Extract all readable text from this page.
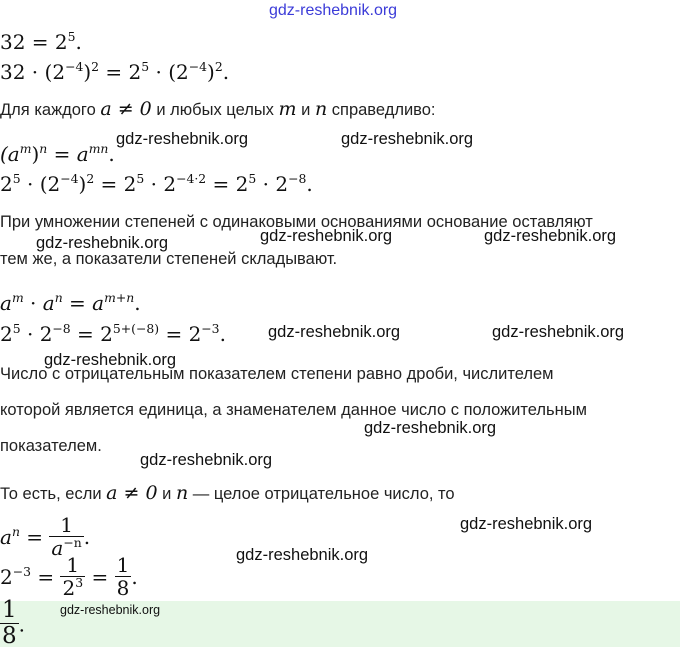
gdz-reshebnik.org
$32 = 2^5$.
$32 \cdot (2^{-4})^2 = 2^5 \cdot (2^{-4})^2$.
Для каждого a ≠ 0 и любых целых m и n справедливо:
$(a^m)^n = a^{mn}$.
gdz-reshebnik.org	gdz-reshebnik.org
$2^5 \cdot (2^{-4})^2 = 2^5 \cdot 2^{-4\cdot 2} = 2^5 \cdot 2^{-8}$.
При умножении степеней с одинаковыми основаниями основание оставляют
gdz-reshebnik.org	gdz-reshebnik.org	gdz-reshebnik.org
тем же, а показатели степеней складывают.
$a^m \cdot a^n = a^{m+n}$.
$2^5 \cdot 2^{-8} = 2^{5+(-8)} = 2^{-3}$.	gdz-reshebnik.org	gdz-reshebnik.org
gdz-reshebnik.org
Число с отрицательным показателем степени равно дроби, числителем
которой является единица, а знаменателем данное число с положительным
gdz-reshebnik.org
показателем.
gdz-reshebnik.org
То есть, если a ≠ 0 и n — целое отрицательное число, то
$a^n = \frac{1}{a^{-n}}$ .
gdz-reshebnik.org
gdz-reshebnik.org
$2^{-3} = \frac{1}{2^3} = \frac{1}{8}$ .
$\frac{1}{8}$ .
gdz-reshebnik.org
